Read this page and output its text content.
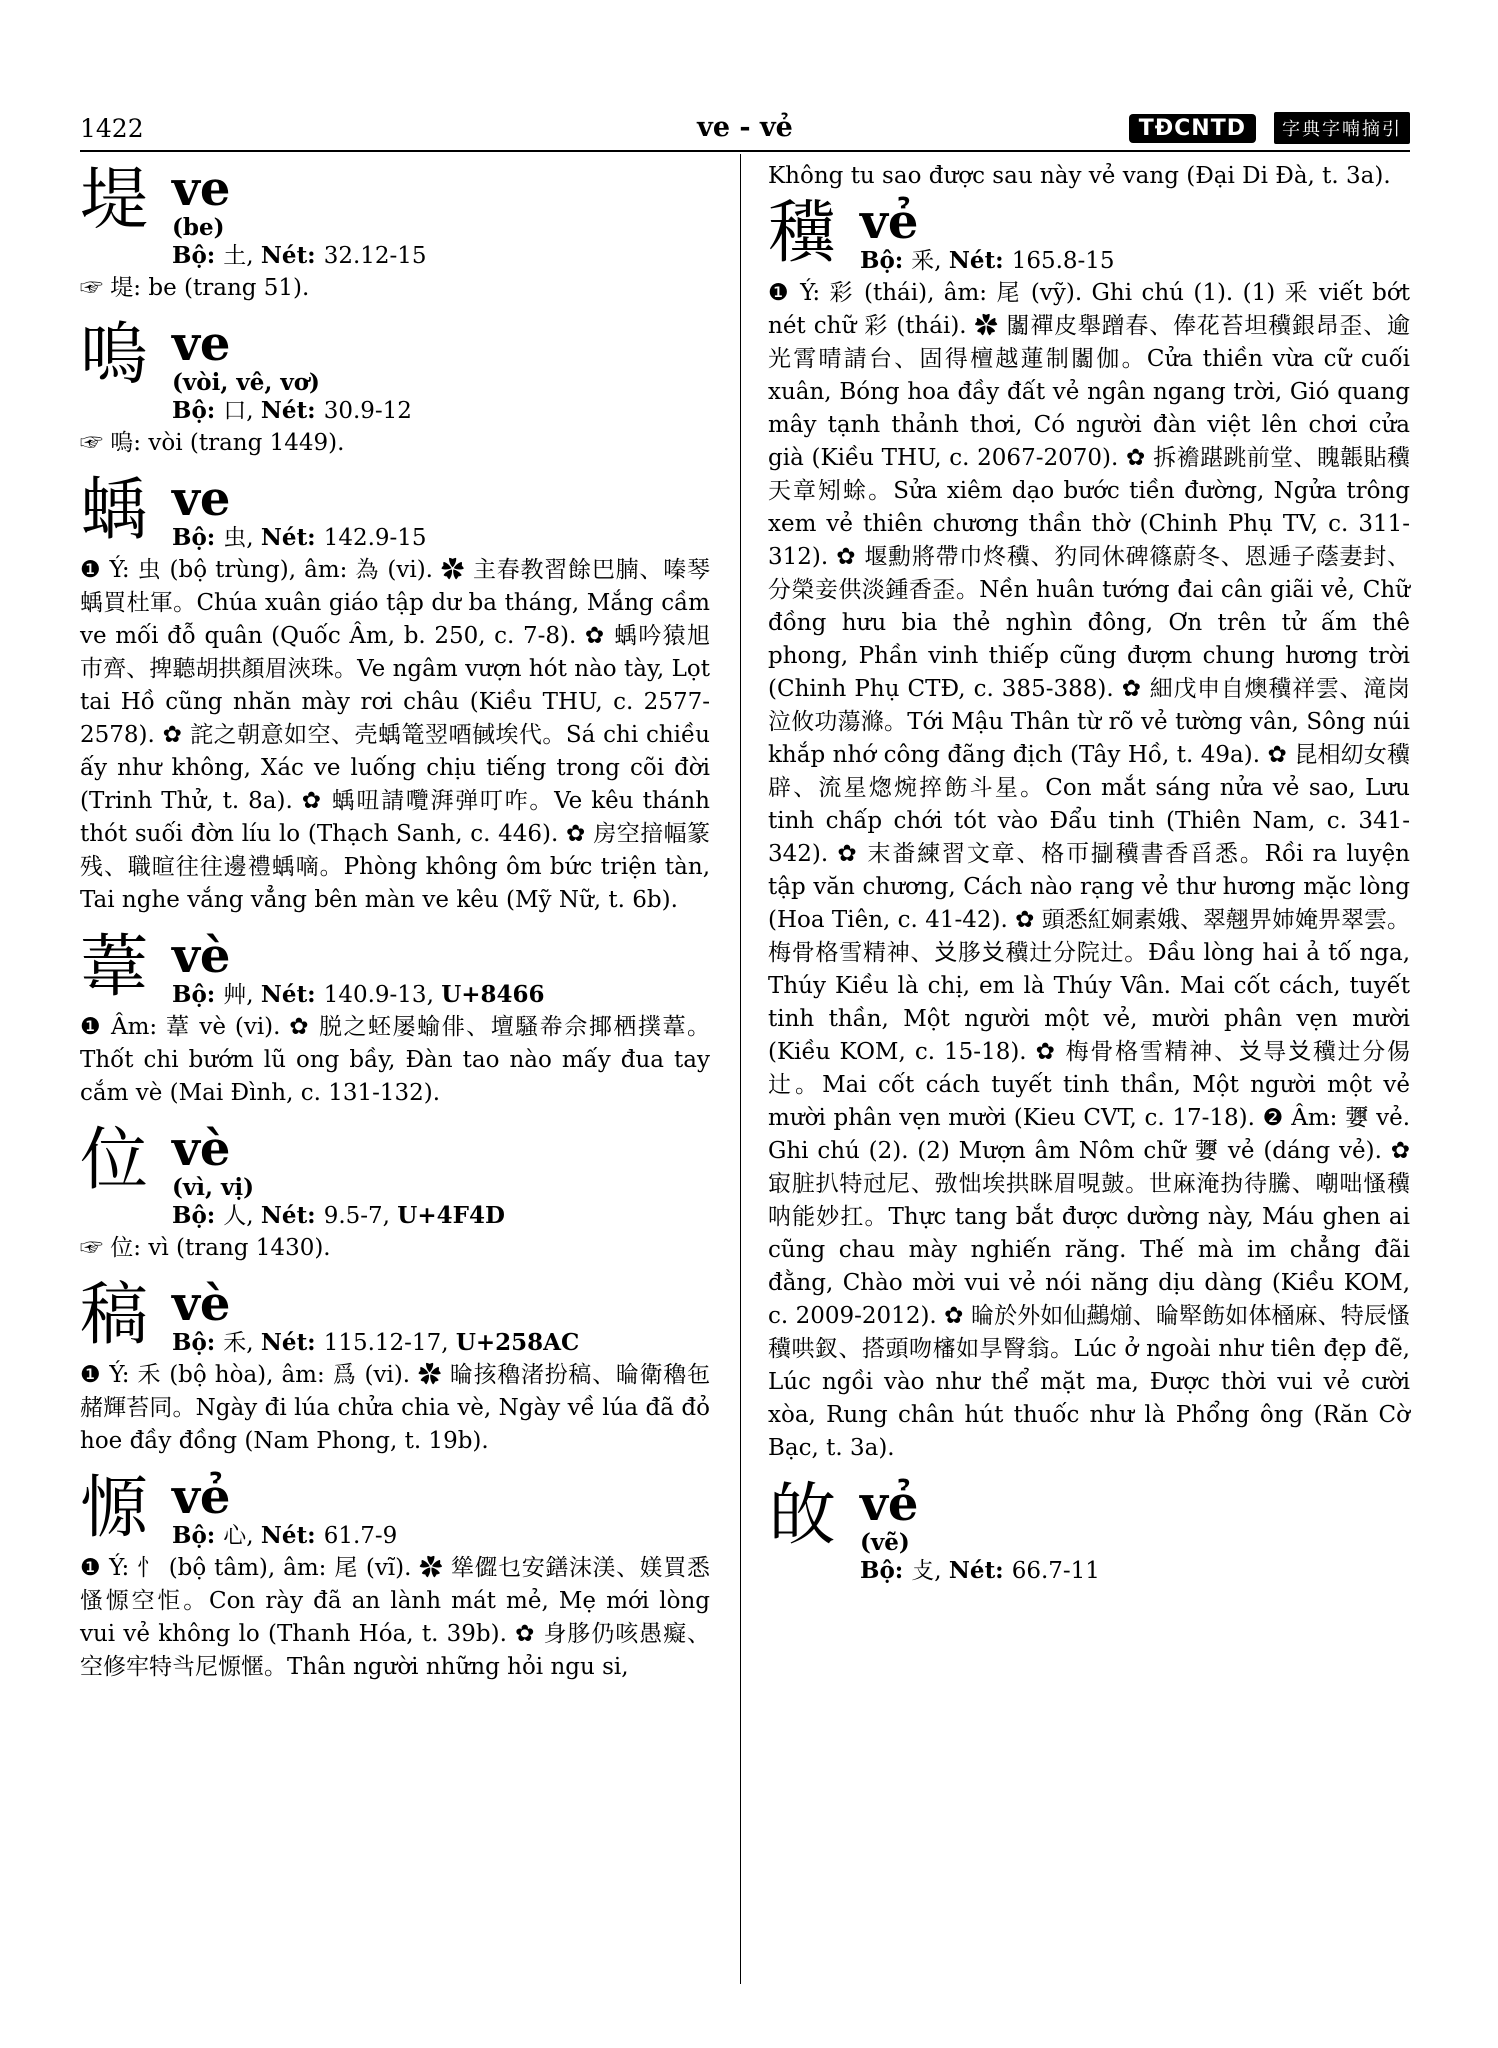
1422	ve - vẻ	TĐCNTD	字典字喃摘引
堤 ve
(be)
Bộ: 土, Nét: 32.12-15

☞ 堤: be (trang 51).

嗚 ve
(vòi, vê, vơ)
Bộ: 口, Nét: 30.9-12

☞ 嗚: vòi (trang 1449).

蝺 ve
Bộ: 虫, Nét: 142.9-15

❶ Ý: 虫 (bộ trùng), âm: 為 (vi). ✿ 主春教習餘巴腩、嗪琴蝺買杜軍。Chúa xuân giáo tập dư ba tháng, Mắng cầm ve mối đỗ quân (Quốc Âm, b. 250, c. 7-8). ✿ 蝺吟猿旭巿齊、捭聽胡拱顏眉浹珠。Ve ngâm vượn hót nào tày, Lọt tai Hồ cũng nhăn mày rơi châu (Kiều THU, c. 2577-2578). ✿ 詫之朝意如空、壳蝺篭翌唒戫埃代。Sá chi chiều ấy như không, Xác ve luống chịu tiếng trong cõi đời (Trinh Thử, t. 8a). ✿ 蝺吜請囕湃弹叮咋。Ve kêu thánh thót suối đờn líu lo (Thạch Sanh, c. 446). ✿ 房空揞幅篆残、職暄往往邊禮蝺嘀。Phòng không ôm bức triện tàn, Tai nghe vắng vẳng bên màn ve kêu (Mỹ Nữ, t. 6b).

葦 vè
Bộ: 艸, Nét: 140.9-13, U+8466

❶ Âm: 葦 vè (vi). ✿ 脱之蚽屡蝓俳、壇騷帣佘揶栖撲葦。Thốt chi bướm lũ ong bầy, Đàn tao nào mấy đua tay cắm vè (Mai Đình, c. 131-132).

位 vè
(vì, vị)
Bộ: 人, Nét: 9.5-7, U+4F4D

☞ 位: vì (trang 1430).

稿 vè
Bộ: 禾, Nét: 115.12-17, U+258AC

❶ Ý: 禾 (bộ hòa), âm: 爲 (vi). ✿ 㫻㧡穭渚扮稿、㫻衛穭㐌赭輝苔同。Ngày đi lúa chửa chia vè, Ngày về lúa đã đỏ hoe đầy đồng (Nam Phong, t. 19b).

㥳 vẻ
Bộ: 心, Nét: 61.7-9

❶ Ý: 忄 (bộ tâm), âm: 尾 (vĩ). ✿ 㹐㒊乜安鐥沫渼、媄買悉慅㥳空怇。Con rày đã an lành mát mẻ, Mẹ mới lòng vui vẻ không lo (Thanh Hóa, t. 39b). ✿ 身䏧仍咳愚癡、空修牢特㪲尼㥳㥾。Thân người những hỏi ngu si,

Không tu sao được sau này vẻ vang (Đại Di Đà, t. 3a).

䆊 vẻ
Bộ: 釆, Nét: 165.8-15

❶ Ý: 彩 (thái), âm: 尾 (vỹ). Ghi chú (1). (1) 釆 viết bớt nét chữ 彩 (thái). ✿ 闟禪皮舉蹭春、俸花苔坦䆊銀昂歪、逾光霄晴請台、固得檀越蓮制闟伽。Cửa thiền vừa cữ cuối xuân, Bóng hoa đầy đất vẻ ngân ngang trời, Gió quang mây tạnh thảnh thơi, Có người đàn việt lên chơi cửa già (Kiều THU, c. 2067-2070). ✿ 拆襜踸跳前堂、䁛韔貼䆊天章矧蜍。Sửa xiêm dạo bước tiền đường, Ngửa trông xem vẻ thiên chương thần thờ (Chinh Phụ TV, c. 311-312). ✿ 堰勳將帶巾炵䆊、犳同休碑篠蔚冬、恩逓子蔭妻封、分榮妾供淡鍾香歪。Nền huân tướng đai cân giãi vẻ, Chữ đồng hưu bia thẻ nghìn đông, Ơn trên tử ấm thê phong, Phần vinh thiếp cũng đượm chung hương trời (Chinh Phụ CTĐ, c. 385-388). ✿ 細戊申自燠䆊祥雲、滝岗泣攸功蕩滌。Tới Mậu Thân từ rõ vẻ tường vân, Sông núi khắp nhớ công đãng địch (Tây Hồ, t. 49a). ✿ 昆相㓜女䆊辟、流星㷓焥捽飭斗星。Con mắt sáng nửa vẻ sao, Lưu tinh chấp chới tót vào Đẩu tinh (Thiên Nam, c. 341-342). ✿ 末畨練習文章、格帀㨽䆊書香㸓悉。Rồi ra luyện tập văn chương, Cách nào rạng vẻ thư hương mặc lòng (Hoa Tiên, c. 41-42). ✿ 頭悉紅姛素娥、翠翹畀姉㛪畀翠雲。梅骨格雪精神、𠬠䏧𠬠䆊辻分院辻。Đầu lòng hai ả tố nga, Thúy Kiều là chị, em là Thúy Vân. Mai cốt cách, tuyết tinh thần, Một người một vẻ, mười phân vẹn mười (Kiều KOM, c. 15-18). ✿ 梅骨格雪精神、𠬠㝵𠬠䆊辻分㑥辻。Mai cốt cách tuyết tinh thần, Một người một vẻ mười phân vẹn mười (Kieu CVT, c. 17-18). ❷ Âm: 㜷 vẻ. Ghi chú (2). (2) Mượn âm Nôm chữ 㜷 vẻ (dáng vẻ). ✿ 㝡脏扒特㝴尼、㢸㤕埃拱眯眉哯皷。世麻淹㧑待騰、嘲咄慅䆊呐能妙扛。Thực tang bắt được dường này, Máu ghen ai cũng chau mày nghiến răng. Thế mà im chẳng đãi đằng, Chào mời vui vẻ nói năng dịu dàng (Kiều KOM, c. 2009-2012). ✿ 㫻於外如仙䴏㷙、㫻㹂飭如体㮭麻、特辰慅䆊哄釵、搭頭吻㰂如㫗㬾翁。Lúc ở ngoài như tiên đẹp đẽ, Lúc ngồi vào như thể mặt ma, Được thời vui vẻ cười xòa, Rung chân hút thuốc như là Phổng ông (Răn Cờ Bạc, t. 3a).

敀 vẻ
(vẽ)
Bộ: 攴, Nét: 66.7-11
